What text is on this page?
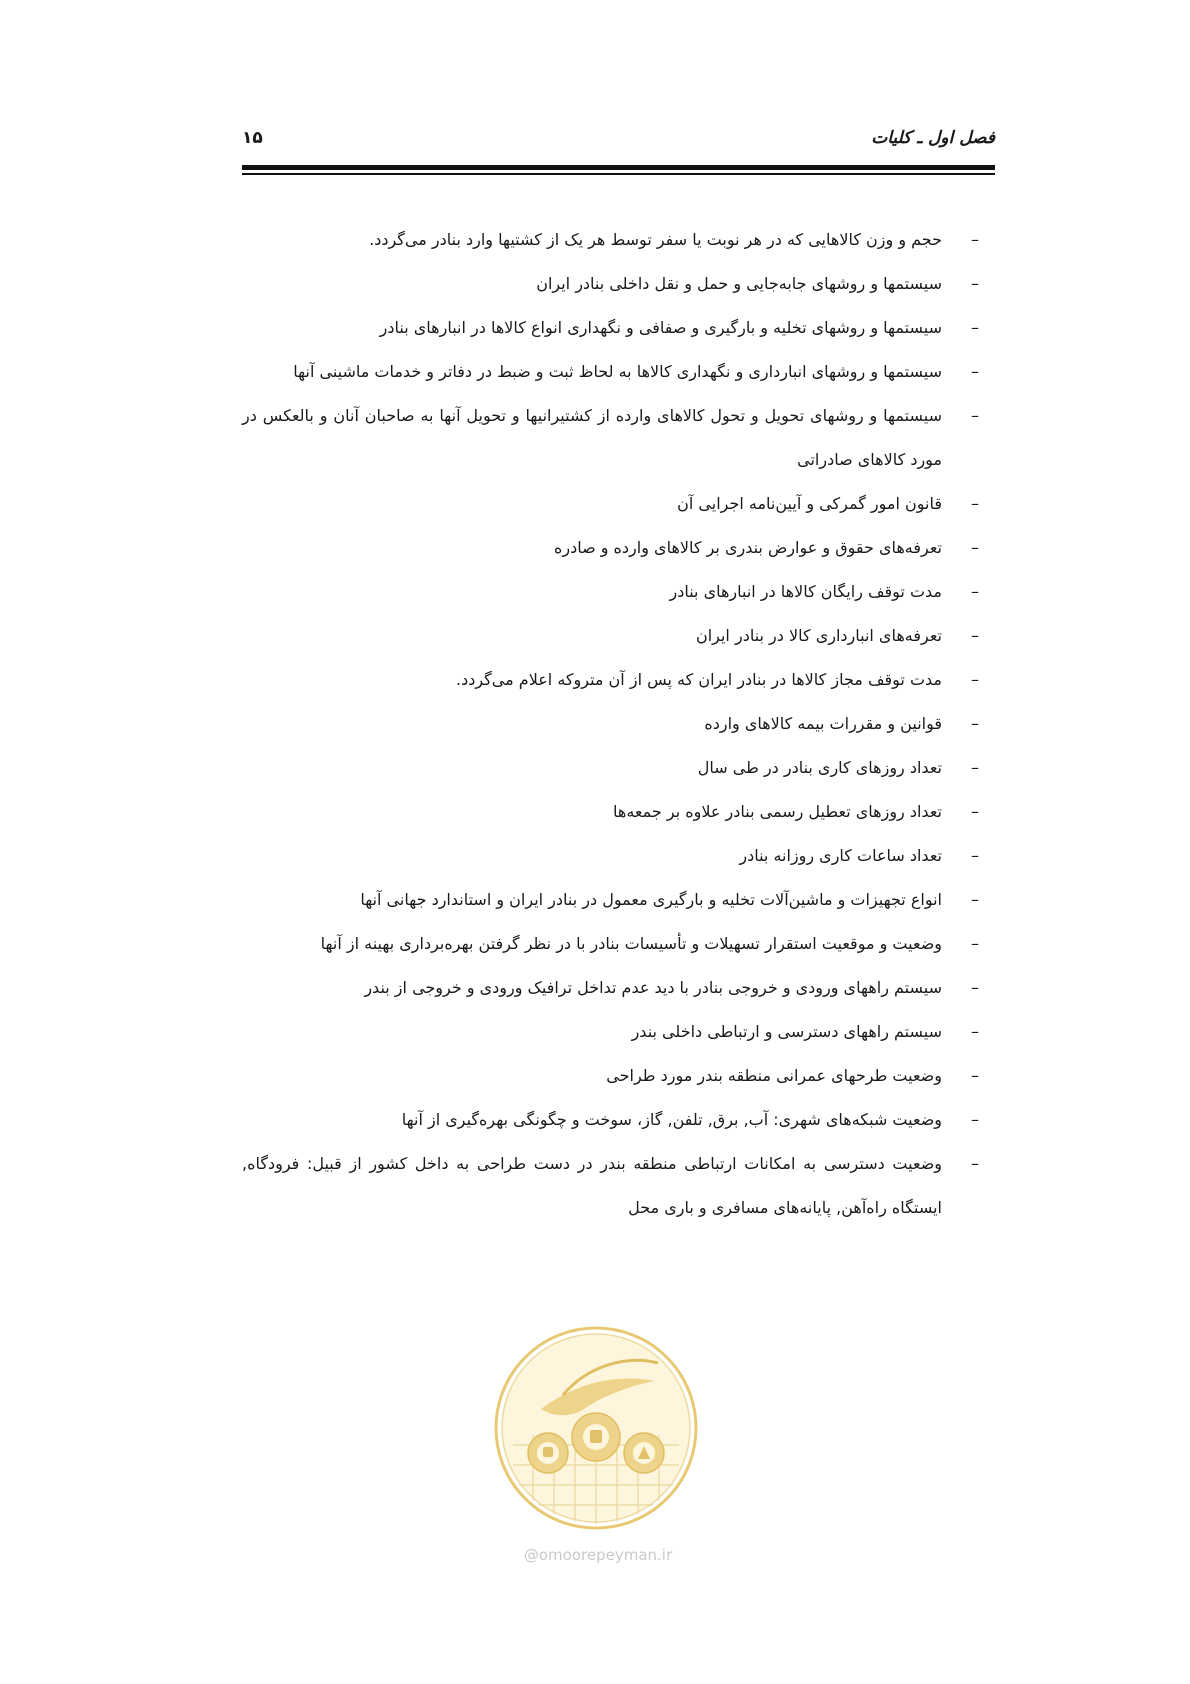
فصل اول ـ کلیات
۱۵
–
حجم و وزن کالاهایی که در هر نوبت یا سفر توسط هر یک از کشتیها وارد بنادر می‌گردد.
–
سیستمها و روشهای جابه‌جایی و حمل و نقل داخلی بنادر ایران
–
سیستمها و روشهای تخلیه و بارگیری و صفافی و نگهداری انواع کالاها در انبارهای بنادر
–
سیستمها و روشهای انبارداری و نگهداری کالاها به لحاظ ثبت و ضبط در دفاتر و خدمات ماشینی آنها
–
سیستمها و روشهای تحویل و تحول کالاهای وارده از کشتیرانیها و تحویل آنها به صاحبان آنان و بالعکس در مورد کالاهای صادراتی
–
قانون امور گمرکی و آیین‌نامه اجرایی آن
–
تعرفه‌های حقوق و عوارض بندری بر کالاهای وارده و صادره
–
مدت توقف رایگان کالاها در انبارهای بنادر
–
تعرفه‌های انبارداری کالا در بنادر ایران
–
مدت توقف مجاز کالاها در بنادر ایران که پس از آن متروکه اعلام می‌گردد.
–
قوانین و مقررات بیمه کالاهای وارده
–
تعداد روزهای کاری بنادر در طی سال
–
تعداد روزهای تعطیل رسمی بنادر علاوه بر جمعه‌ها
–
تعداد ساعات کاری روزانه بنادر
–
انواع تجهیزات و ماشین‌آلات تخلیه و بارگیری معمول در بنادر ایران و استاندارد جهانی آنها
–
وضعیت و موقعیت استقرار تسهیلات و تأسیسات بنادر با در نظر گرفتن بهره‌برداری بهینه از آنها
–
سیستم راههای ورودی و خروجی بنادر با دید عدم تداخل ترافیک ورودی و خروجی از بندر
–
سیستم راههای دسترسی و ارتباطی داخلی بندر
–
وضعیت طرحهای عمرانی منطقه بندر مورد طراحی
–
وضعیت شبکه‌های شهری: آب, برق, تلفن, گاز، سوخت و چگونگی بهره‌گیری از آنها
–
وضعیت دسترسی به امکانات ارتباطی منطقه بندر در دست طراحی به داخل کشور از قبیل: فرودگاه, ایستگاه راه‌آهن, پایانه‌های مسافری و باری محل
@omoorepeyman.ir
